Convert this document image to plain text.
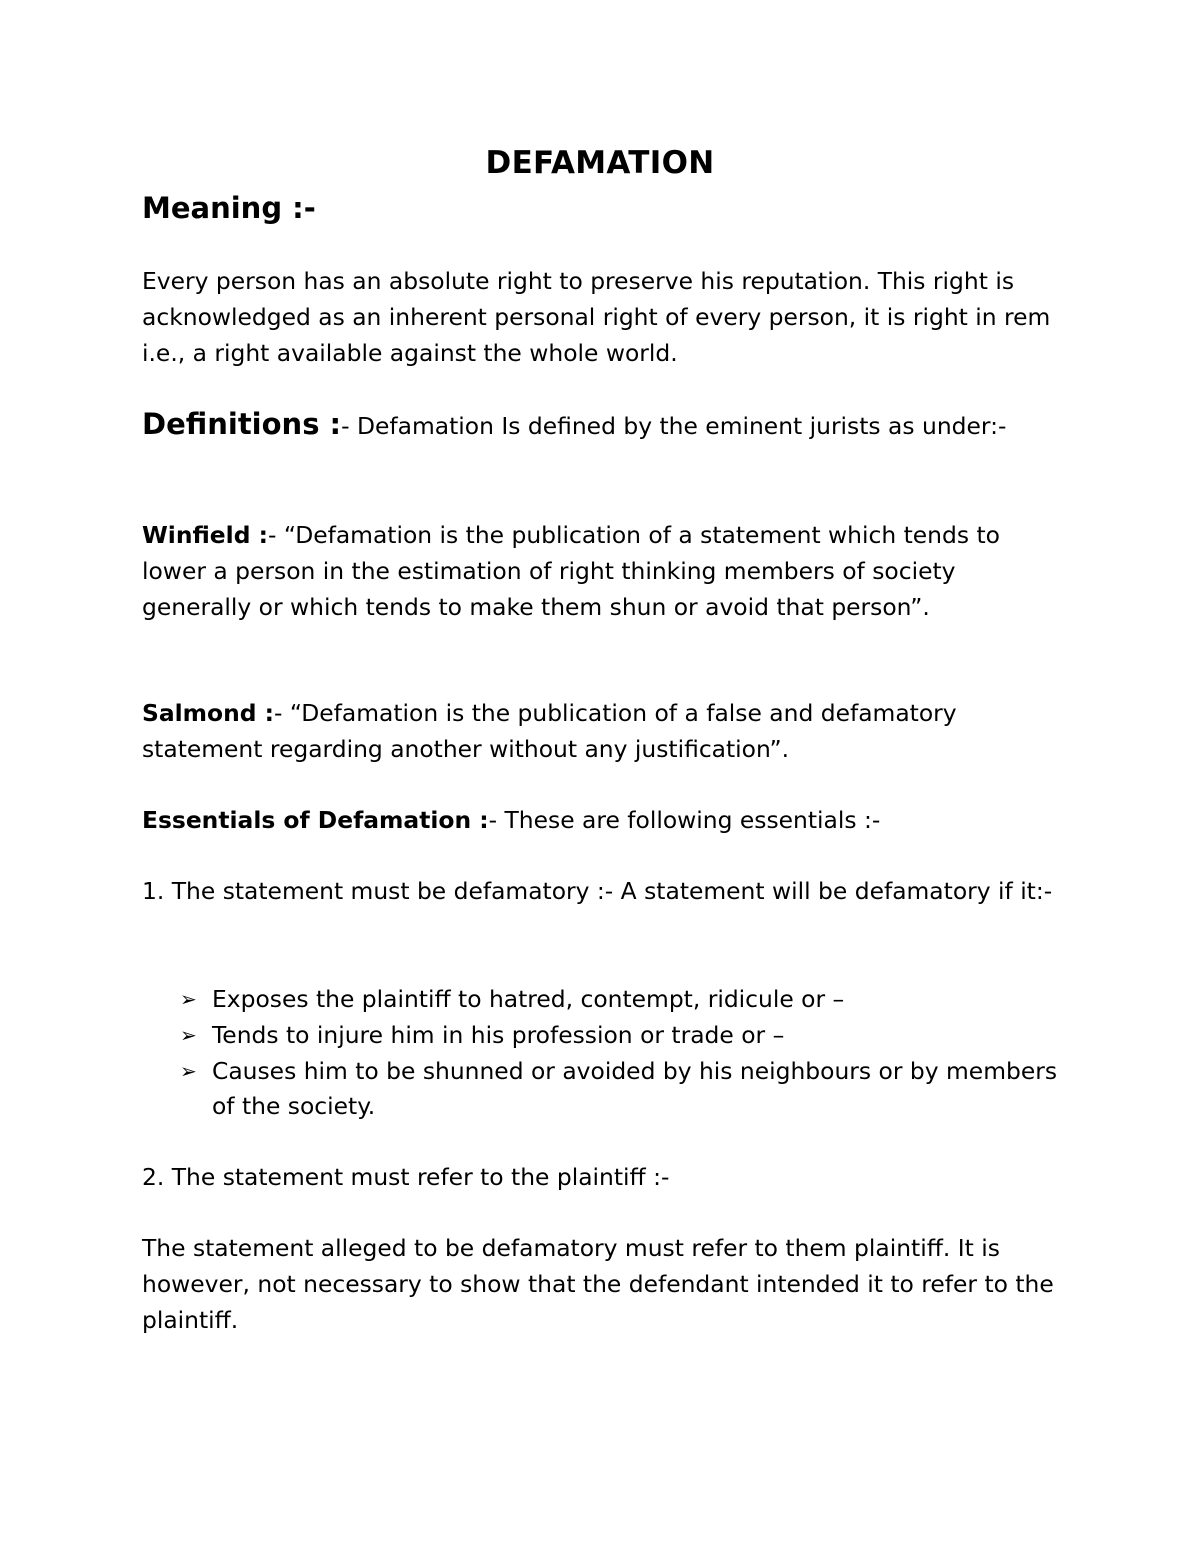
DEFAMATION
Meaning :-

Every person has an absolute right to preserve his reputation. This right is acknowledged as an inherent personal right of every person, it is right in rem i.e., a right available against the whole world.

Definitions :- Defamation Is defined by the eminent jurists as under:-

Winfield :- “Defamation is the publication of a statement which tends to lower a person in the estimation of right thinking members of society generally or which tends to make them shun or avoid that person”.

Salmond :- “Defamation is the publication of a false and defamatory statement regarding another without any justification”.

Essentials of Defamation :- These are following essentials :-

1. The statement must be defamatory :- A statement will be defamatory if it:-

➢ Exposes the plaintiff to hatred, contempt, ridicule or –
➢ Tends to injure him in his profession or trade or –
➢ Causes him to be shunned or avoided by his neighbours or by members of the society.

2. The statement must refer to the plaintiff :-

The statement alleged to be defamatory must refer to them plaintiff. It is however, not necessary to show that the defendant intended it to refer to the plaintiff.
